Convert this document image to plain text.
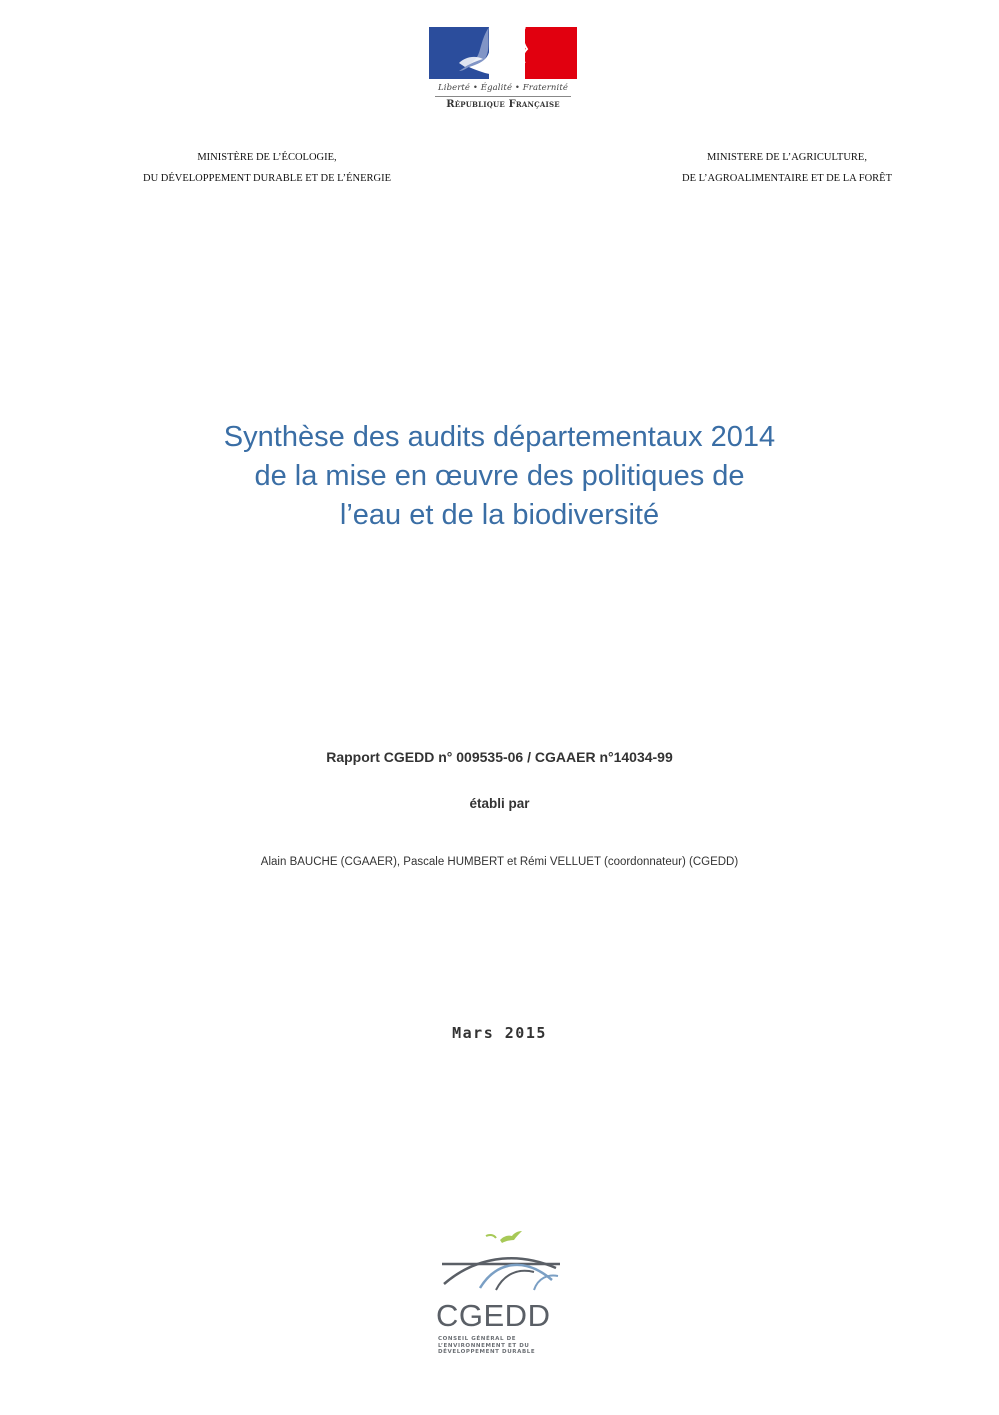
Liberté • Égalité • Fraternité
République Française
MINISTÈRE DE L’ÉCOLOGIE,
DU DÉVELOPPEMENT DURABLE ET DE L’ÉNERGIE
MINISTERE DE L’AGRICULTURE,
DE L’AGROALIMENTAIRE ET DE LA FORÊT
Synthèse des audits départementaux 2014
de la mise en œuvre des politiques de
l’eau et de la biodiversité
Rapport CGEDD n° 009535-06 / CGAAER n°14034-99
établi par
Alain BAUCHE (CGAAER), Pascale HUMBERT et Rémi VELLUET (coordonnateur) (CGEDD)
Mars 2015
CGEDD
CONSEIL GÉNÉRAL DE L’ENVIRONNEMENT ET DU DÉVELOPPEMENT DURABLE
